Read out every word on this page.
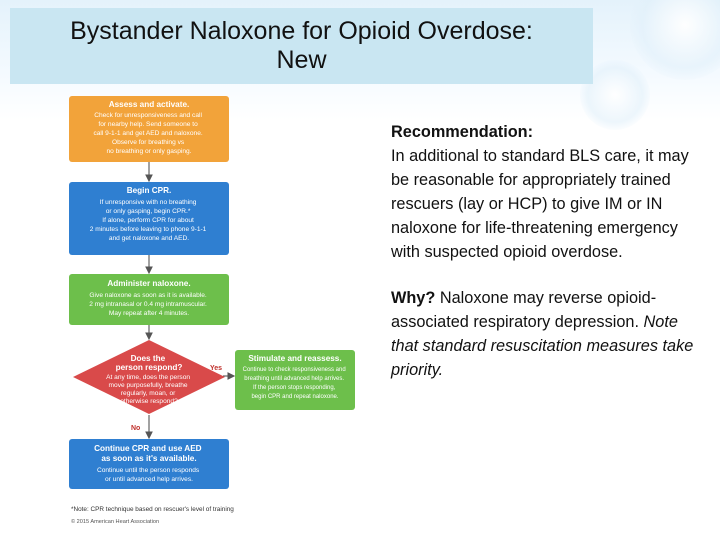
Bystander Naloxone for Opioid Overdose:
New
Yes
No
Assess and activate.
Check for unresponsiveness and call for nearby help. Send someone to call 9-1-1 and get AED and naloxone. Observe for breathing vs no breathing or only gasping.
Begin CPR.
If unresponsive with no breathing or only gasping, begin CPR.* If alone, perform CPR for about 2 minutes before leaving to phone 9-1-1 and get naloxone and AED.
Administer naloxone.
Give naloxone as soon as it is available. 2 mg intranasal or 0.4 mg intramuscular. May repeat after 4 minutes.
Does the person respond?
At any time, does the person move purposefully, breathe regularly, moan, or otherwise respond?
Stimulate and reassess.
Continue to check responsiveness and breathing until advanced help arrives. If the person stops responding, begin CPR and repeat naloxone.
Continue CPR and use AED as soon as it's available.
Continue until the person responds or until advanced help arrives.
*Note: CPR technique based on rescuer's level of training
© 2015 American Heart Association

Recommendation:
In additional to standard BLS care, it may be reasonable for appropriately trained rescuers (lay or HCP) to give IM or IN naloxone for life-threatening emergency with suspected opioid overdose.

Why? Naloxone may reverse opioid-associated respiratory depression. Note that standard resuscitation measures take priority.
